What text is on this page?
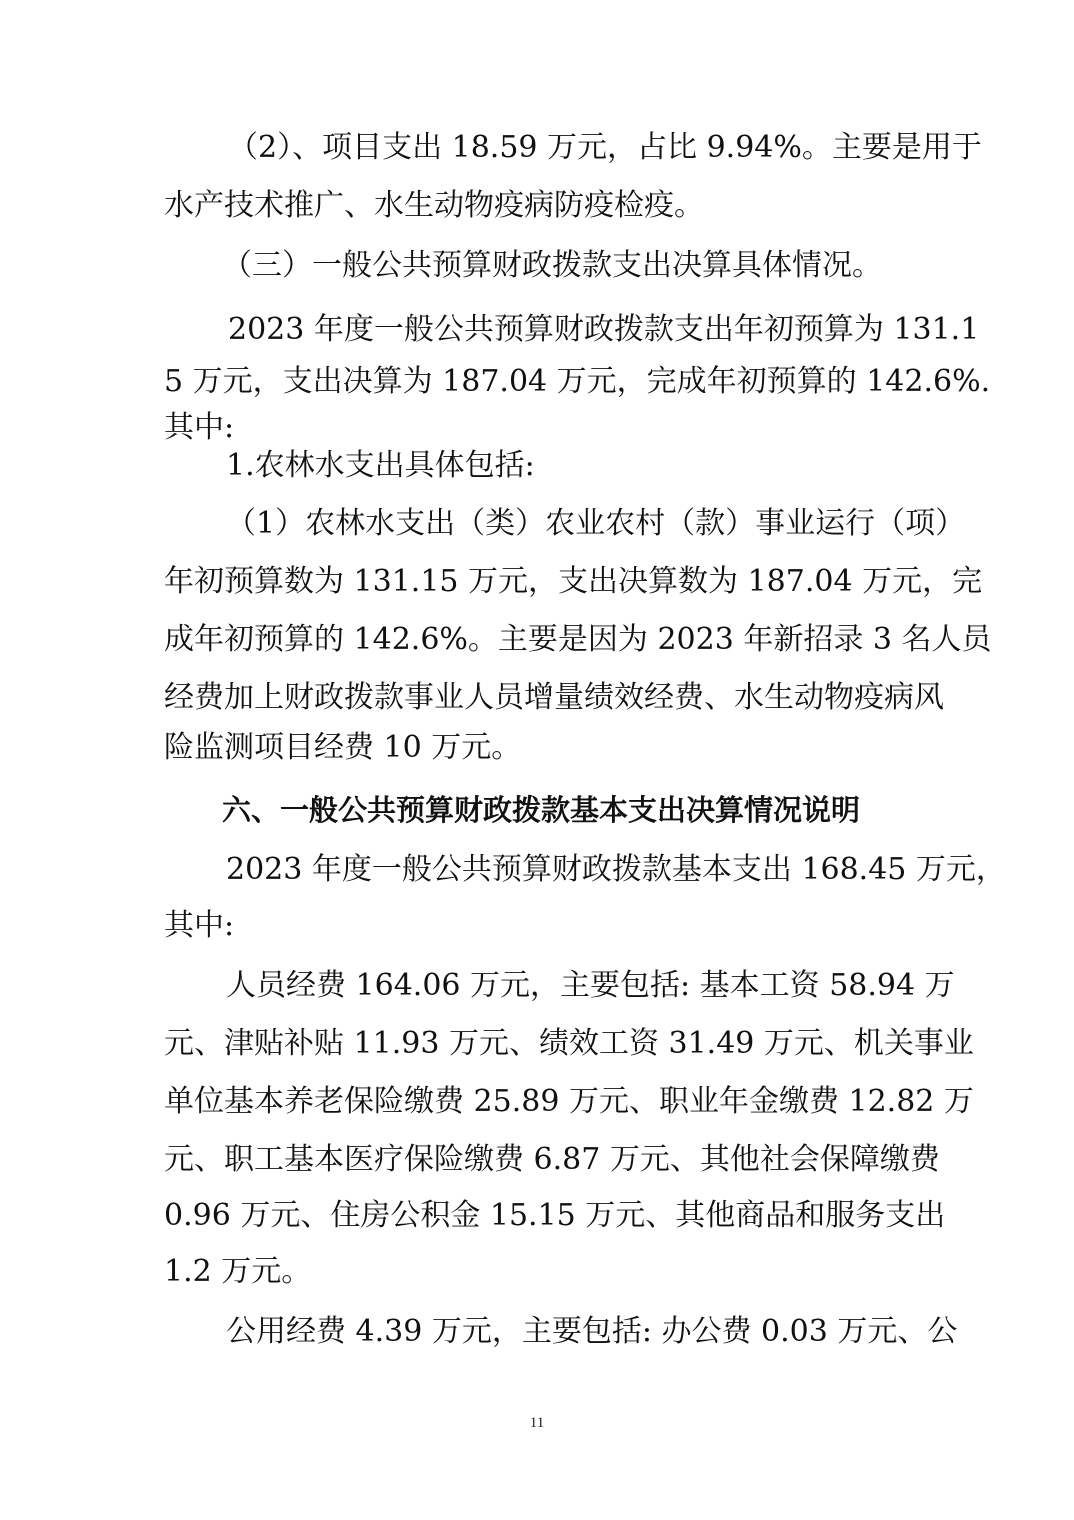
（2）、项目支出 18.59 万元，占比 9.94%。主要是用于

水产技术推广、水生动物疫病防疫检疫。

（三）一般公共预算财政拨款支出决算具体情况。

2023 年度一般公共预算财政拨款支出年初预算为 131.1

5 万元，支出决算为 187.04 万元，完成年初预算的 142.6%.

其中:

1.农林水支出具体包括:

（1）农林水支出（类）农业农村（款）事业运行（项）

年初预算数为 131.15 万元，支出决算数为 187.04 万元，完

成年初预算的 142.6%。主要是因为 2023 年新招录 3 名人员

经费加上财政拨款事业人员增量绩效经费、水生动物疫病风

险监测项目经费 10 万元。

六、一般公共预算财政拨款基本支出决算情况说明

2023 年度一般公共预算财政拨款基本支出 168.45 万元，

其中:

人员经费 164.06 万元，主要包括: 基本工资 58.94 万

元、津贴补贴 11.93 万元、绩效工资 31.49 万元、机关事业

单位基本养老保险缴费 25.89 万元、职业年金缴费 12.82 万

元、职工基本医疗保险缴费 6.87 万元、其他社会保障缴费

0.96 万元、住房公积金 15.15 万元、其他商品和服务支出

1.2 万元。

公用经费 4.39 万元，主要包括: 办公费 0.03 万元、公

11
